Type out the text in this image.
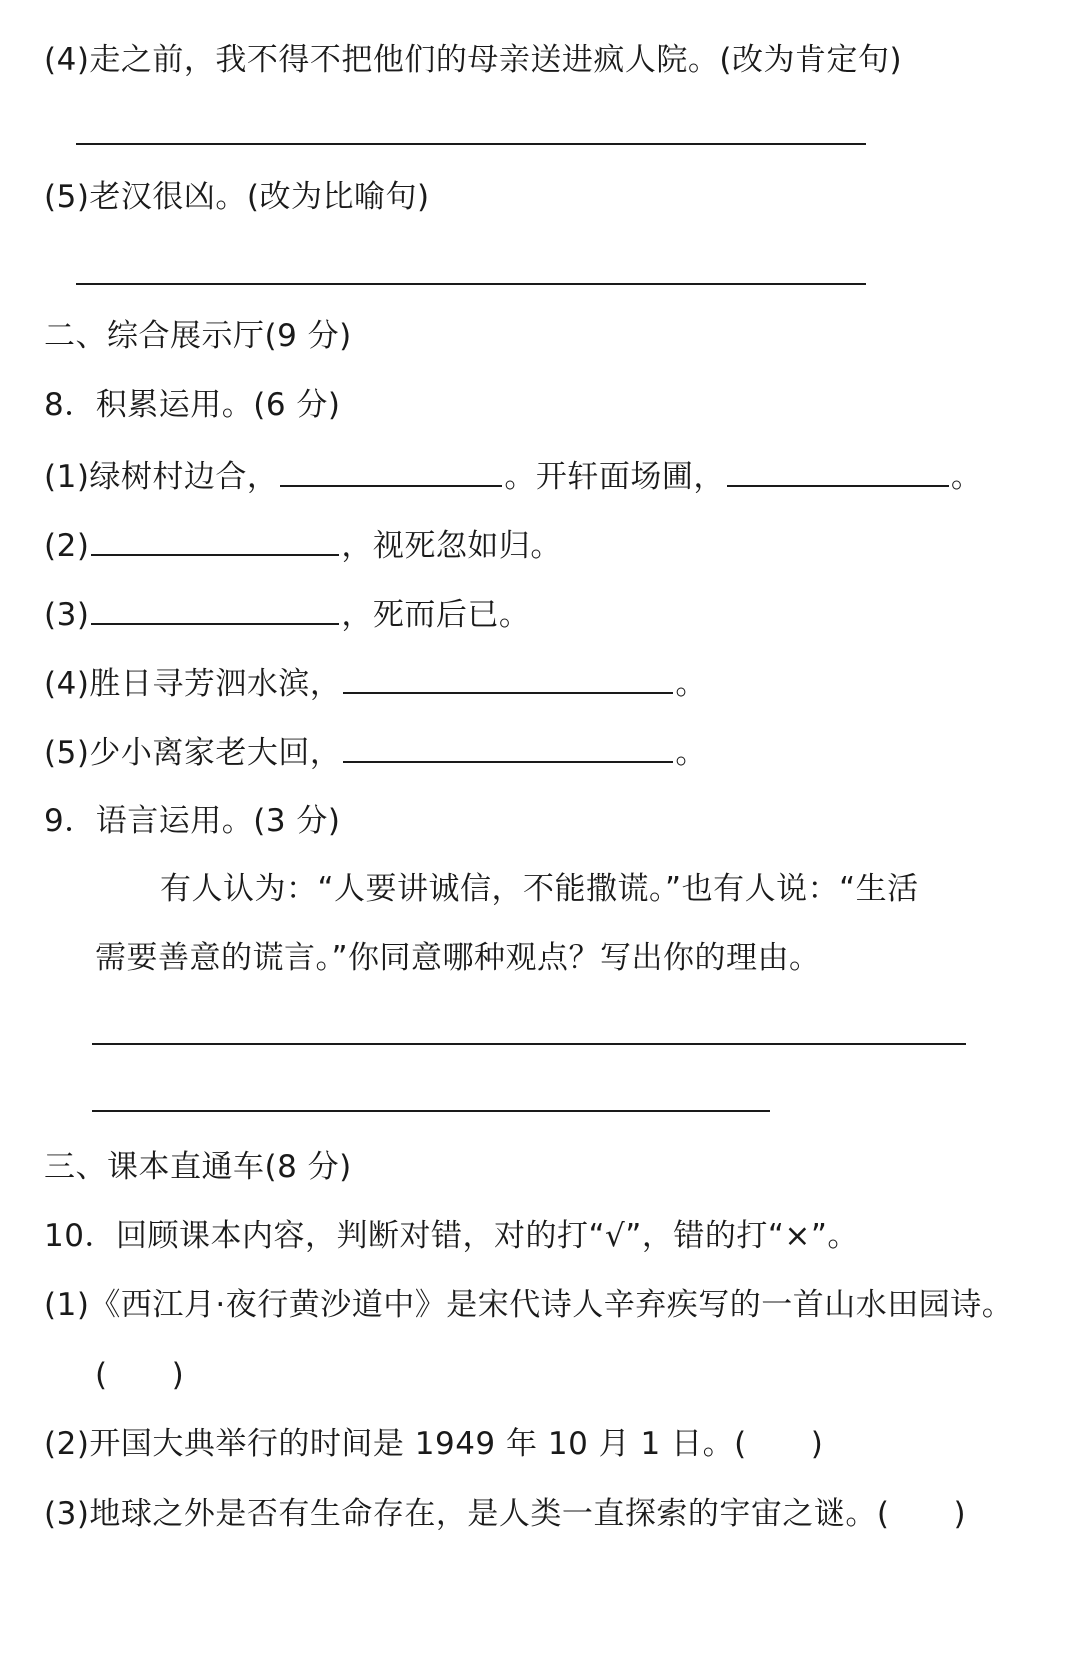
(4)走之前，我不得不把他们的母亲送进疯人院。(改为肯定句)
(5)老汉很凶。(改为比喻句)
二、综合展示厅(9 分)
8．积累运用。(6 分)
(1)绿树村边合，	。开轩面场圃，	。
(2)	，视死忽如归。
(3)	，死而后已。
(4)胜日寻芳泗水滨，	。
(5)少小离家老大回，	。
9．语言运用。(3 分)
有人认为：“人要讲诚信，不能撒谎。”也有人说：“生活
需要善意的谎言。”你同意哪种观点？写出你的理由。
三、课本直通车(8 分)
10．回顾课本内容，判断对错，对的打“√”，错的打“×”。
(1)《西江月·夜行黄沙道中》是宋代诗人辛弃疾写的一首山水田园诗。
( )
(2)开国大典举行的时间是 1949 年 10 月 1 日。( )
(3)地球之外是否有生命存在，是人类一直探索的宇宙之谜。( )
